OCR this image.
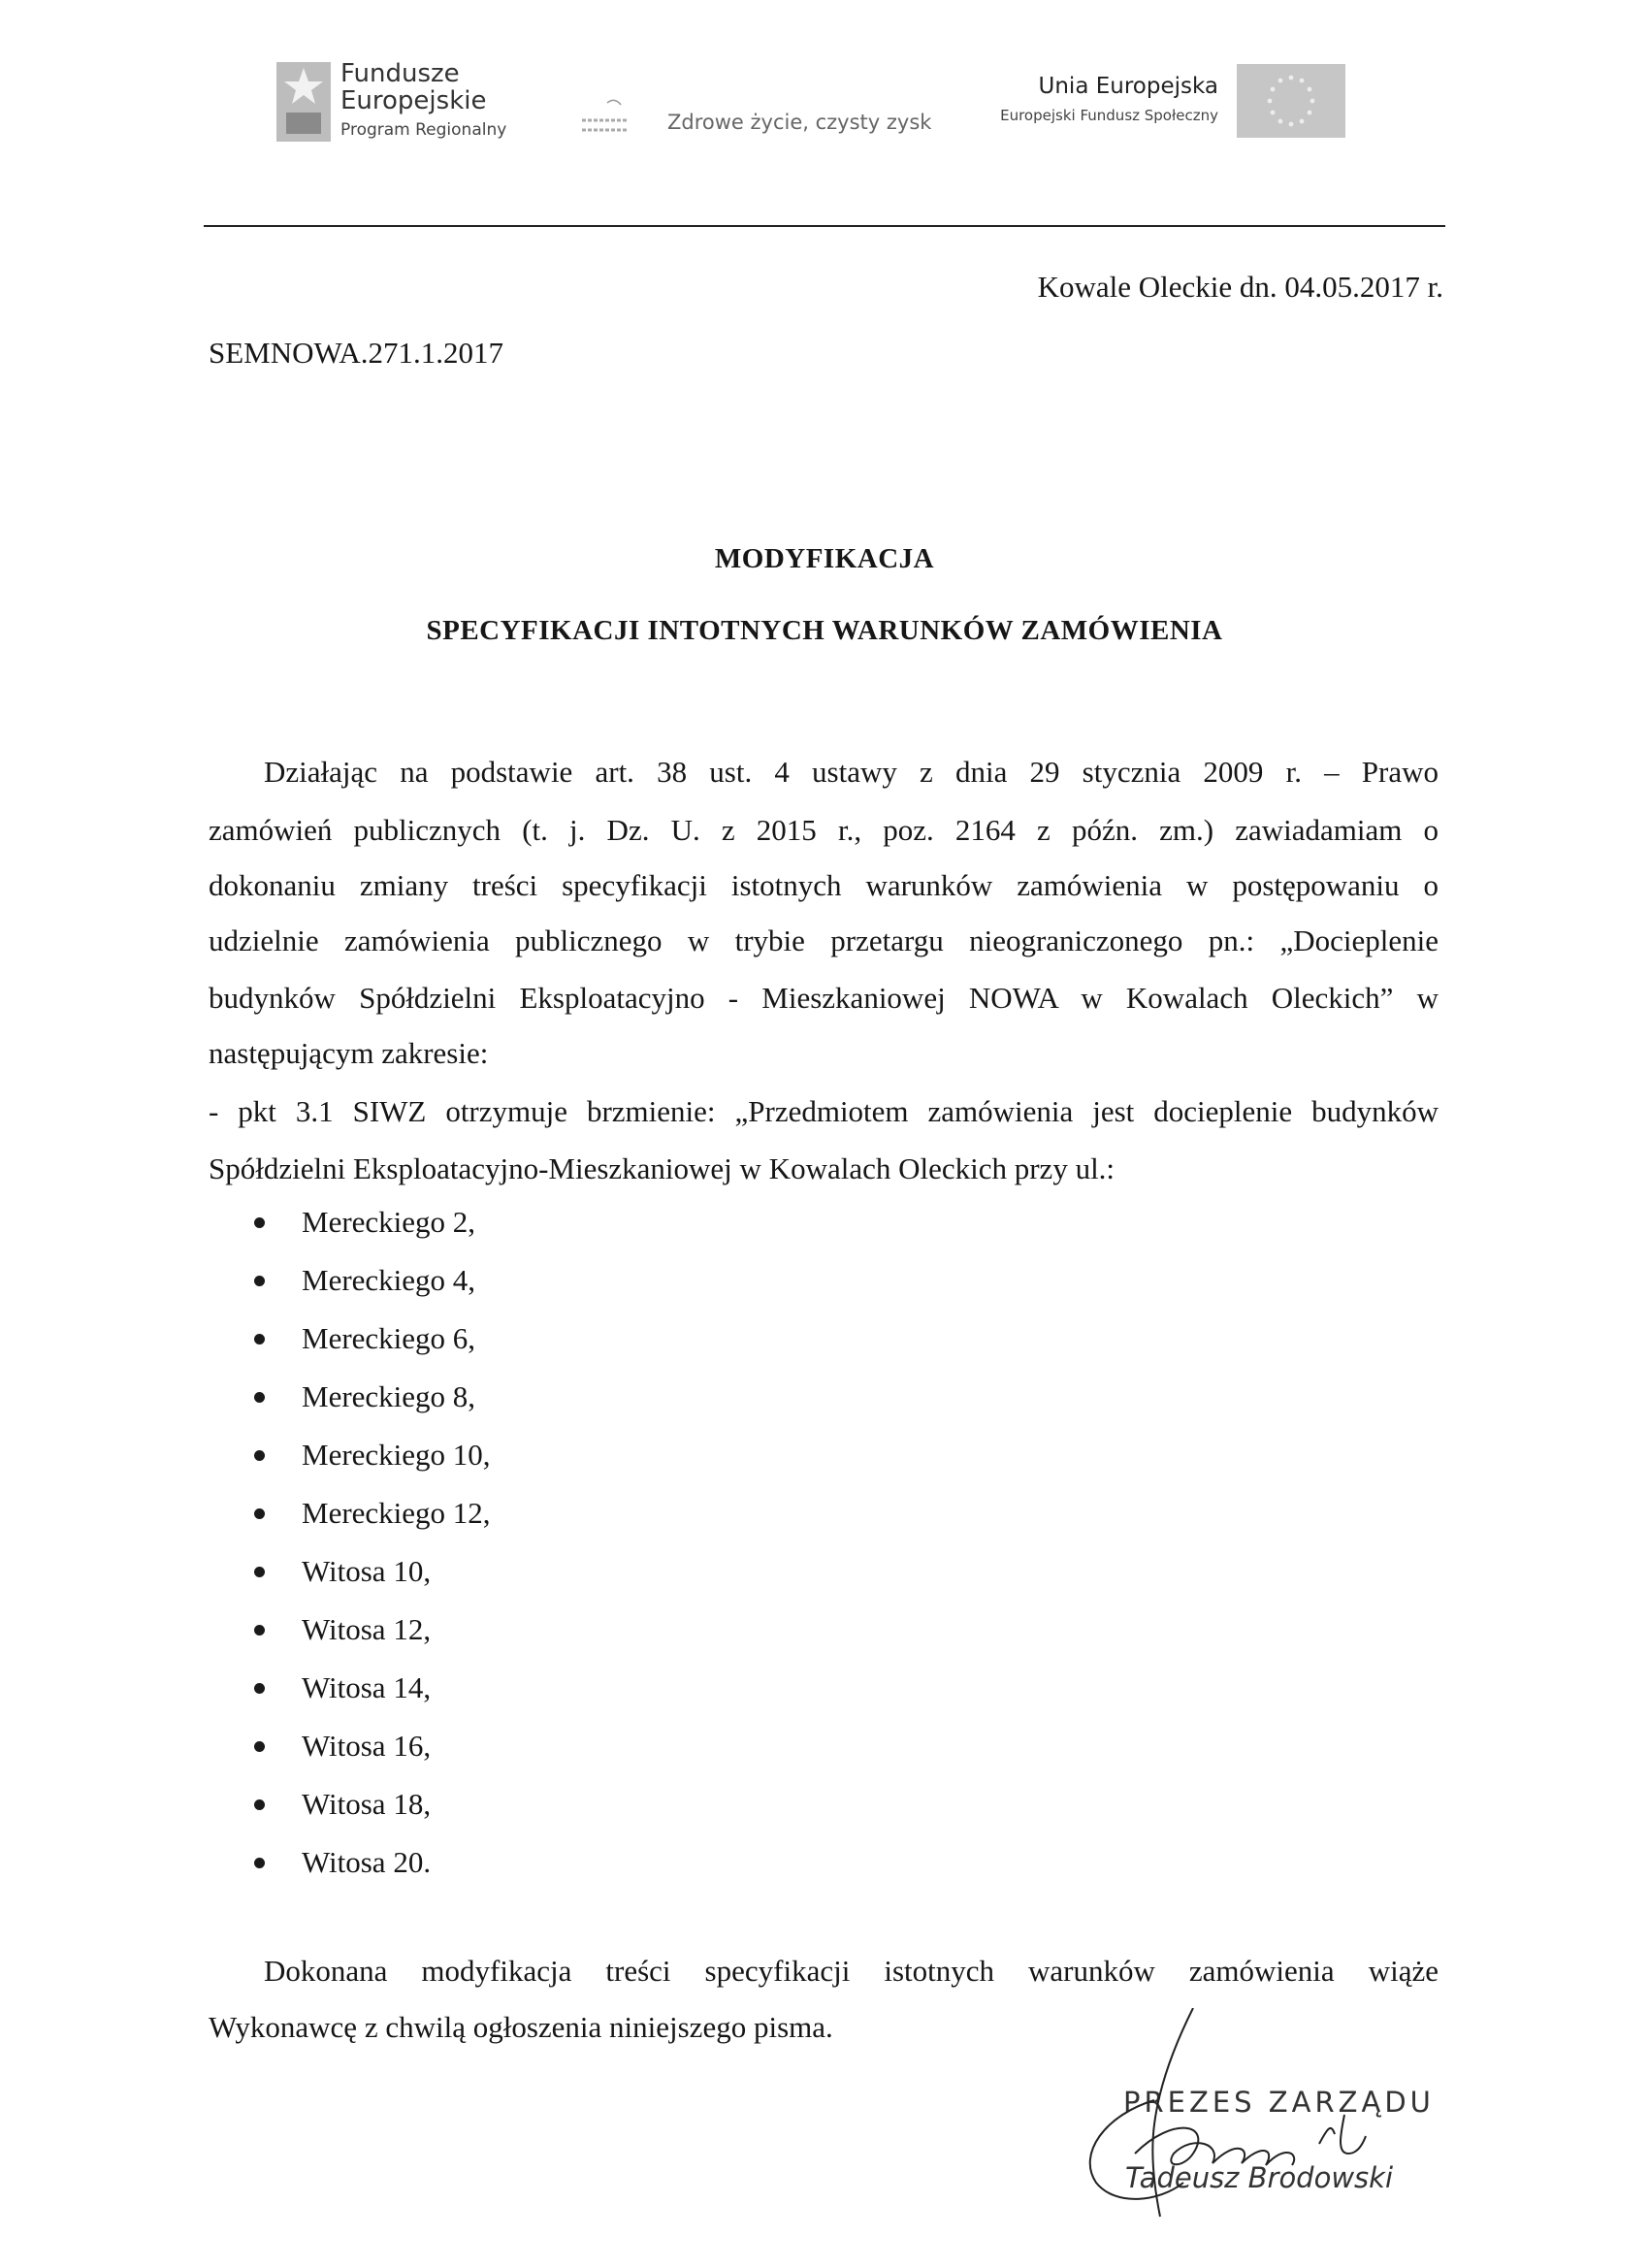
Fundusze
Europejskie
Program Regionalny	Zdrowe życie, czysty zysk
Unia Europejska
Europejski Fundusz Społeczny
Kowale Oleckie dn. 04.05.2017 r.
SEMNOWA.271.1.2017
MODYFIKACJA
SPECYFIKACJI INTOTNYCH WARUNKÓW ZAMÓWIENIA
Działając na podstawie art. 38 ust. 4 ustawy z dnia 29 stycznia 2009 r. – Prawo
zamówień publicznych (t. j. Dz. U. z 2015 r., poz. 2164 z późn. zm.) zawiadamiam o
dokonaniu zmiany treści specyfikacji istotnych warunków zamówienia w postępowaniu o
udzielnie zamówienia publicznego w trybie przetargu nieograniczonego pn.: „Docieplenie
budynków Spółdzielni Eksploatacyjno - Mieszkaniowej NOWA w Kowalach Oleckich” w
następującym zakresie:
- pkt 3.1 SIWZ otrzymuje brzmienie: „Przedmiotem zamówienia jest docieplenie budynków
Spółdzielni Eksploatacyjno-Mieszkaniowej w Kowalach Oleckich przy ul.:
Mereckiego 2,
Mereckiego 4,
Mereckiego 6,
Mereckiego 8,
Mereckiego 10,
Mereckiego 12,
Witosa 10,
Witosa 12,
Witosa 14,
Witosa 16,
Witosa 18,
Witosa 20.
Dokonana modyfikacja treści specyfikacji istotnych warunków zamówienia wiąże
Wykonawcę z chwilą ogłoszenia niniejszego pisma.
PREZES ZARZĄDU
Tadeusz Brodowski
